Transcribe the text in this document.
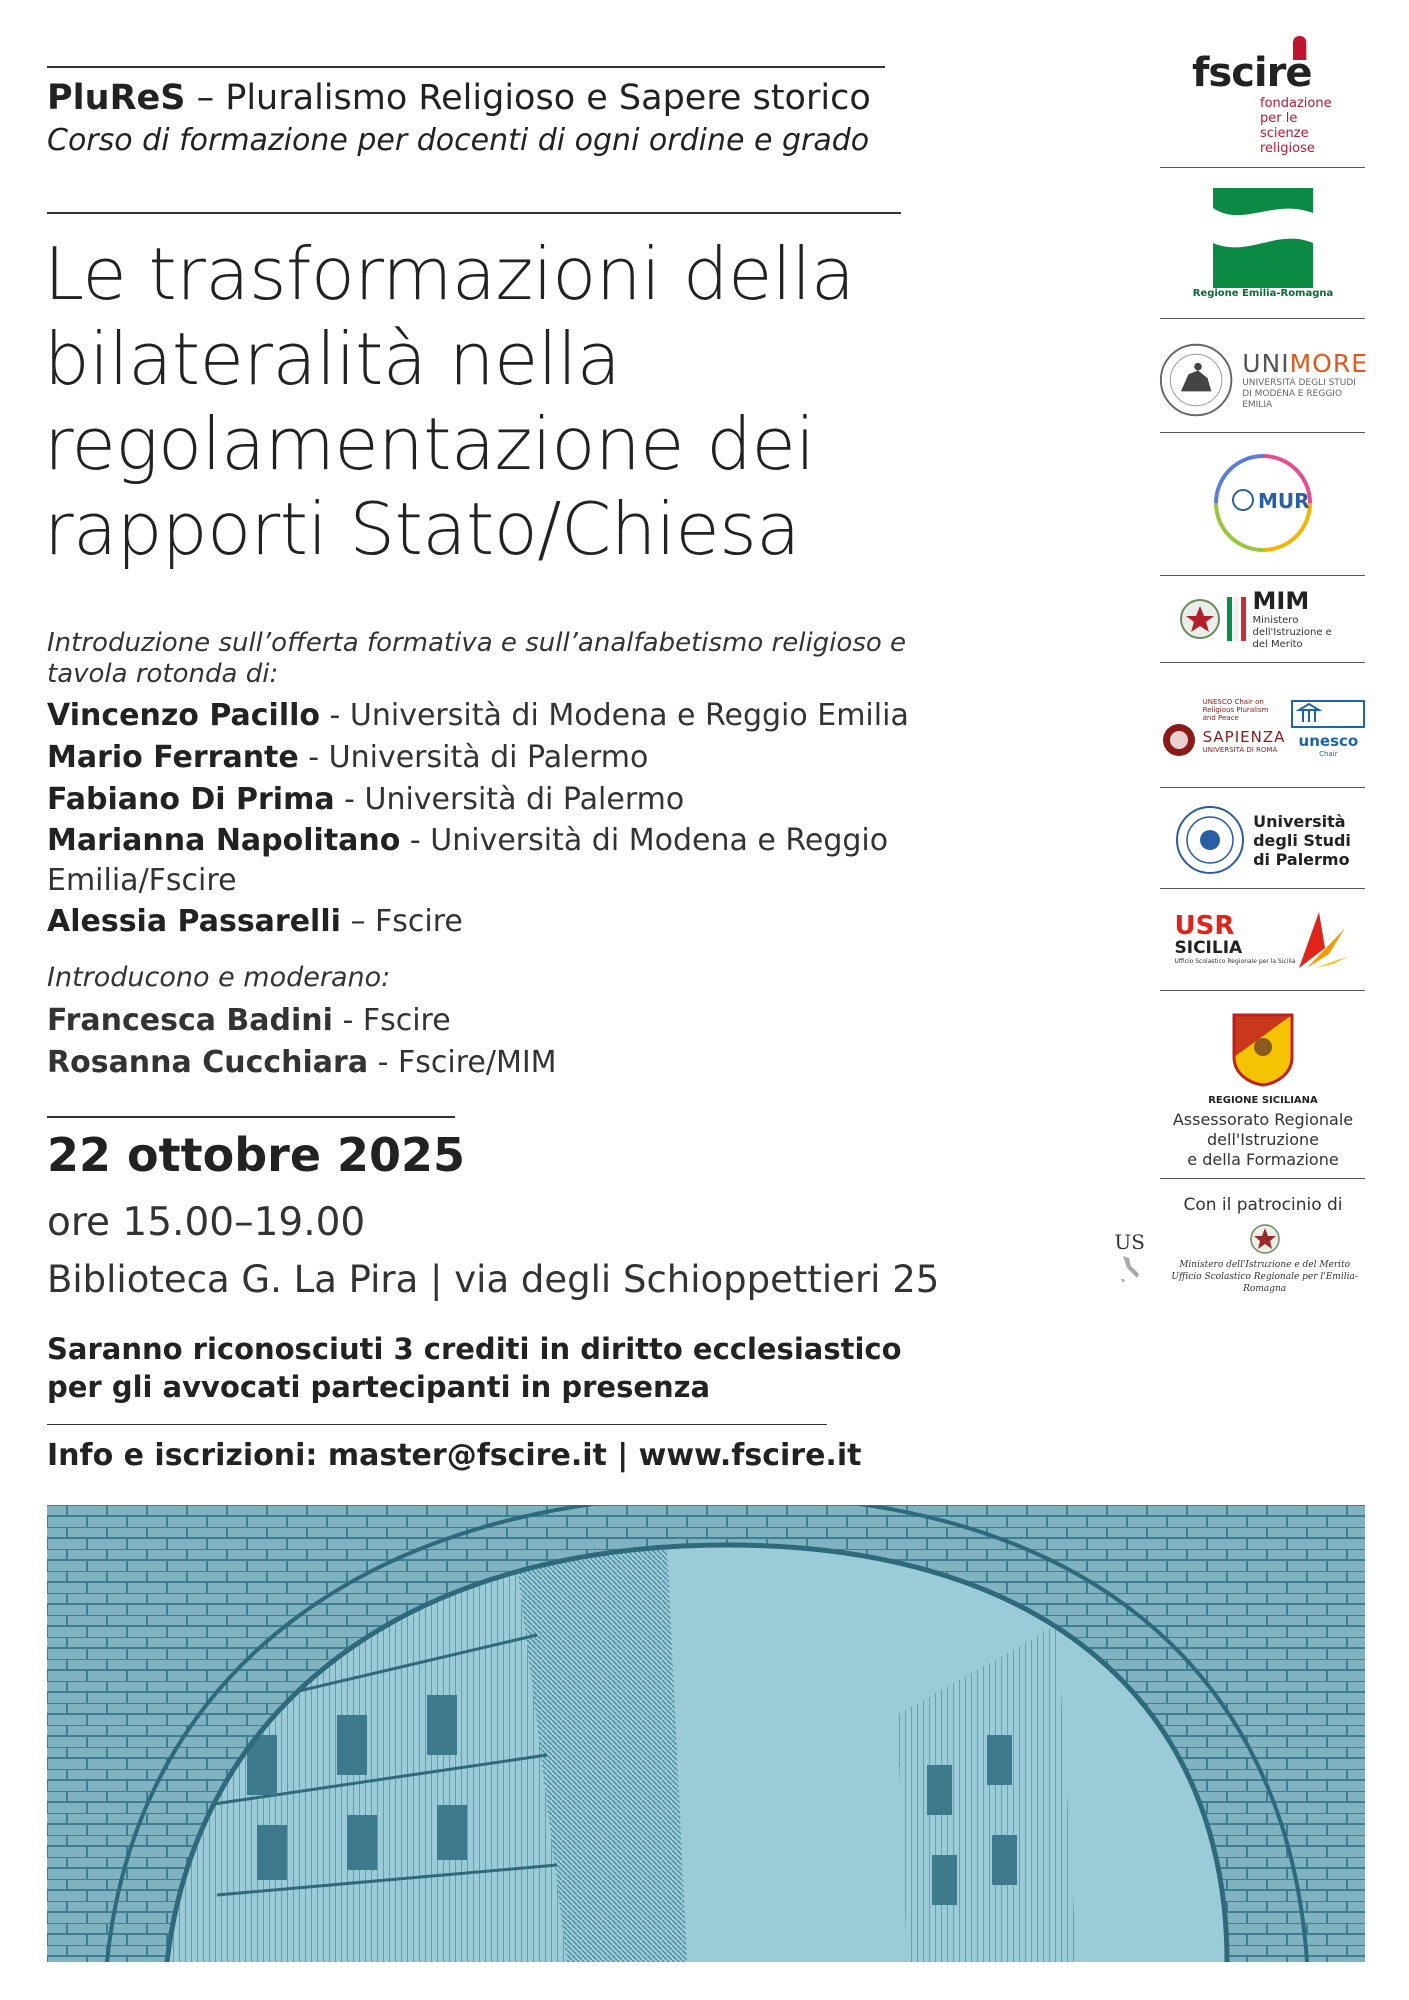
PluReS – Pluralismo Religioso e Sapere storico
Corso di formazione per docenti di ogni ordine e grado
Le trasformazioni della
bilateralità nella
regolamentazione dei
rapporti Stato/Chiesa
Introduzione sull’offerta formativa e sull’analfabetismo religioso e tavola rotonda di:
Vincenzo Pacillo - Università di Modena e Reggio Emilia
Mario Ferrante - Università di Palermo
Fabiano Di Prima - Università di Palermo
Marianna Napolitano - Università di Modena e Reggio Emilia/Fscire
Alessia Passarelli – Fscire
Introducono e moderano:
Francesca Badini - Fscire
Rosanna Cucchiara - Fscire/MIM
22 ottobre 2025
ore 15.00–19.00
Biblioteca G. La Pira | via degli Schioppettieri 25
Saranno riconosciuti 3 crediti in diritto ecclesiastico per gli avvocati partecipanti in presenza
Info e iscrizioni: master@fscire.it | www.fscire.it
fscire
fondazione per le scienze religiose
Regione Emilia-Romagna
UNIMORE
UNIVERSITÀ DEGLI STUDI DI MODENA E REGGIO EMILIA
MUR
MIM
Ministero dell'Istruzione e del Merito
UNESCO Chair on Religious Pluralism and Peace
SAPIENZA
UNIVERSITÀ DI ROMA	unesco
Chair
Università
degli Studi
di Palermo
USR
SICILIA
Ufficio Scolastico Regionale per la Sicilia
REGIONE SICILIANA
Assessorato Regionale
dell'Istruzione
e della Formazione
Con il patrocinio di
US
Ministero dell'Istruzione e del Merito
Ufficio Scolastico Regionale per l'Emilia-Romagna
